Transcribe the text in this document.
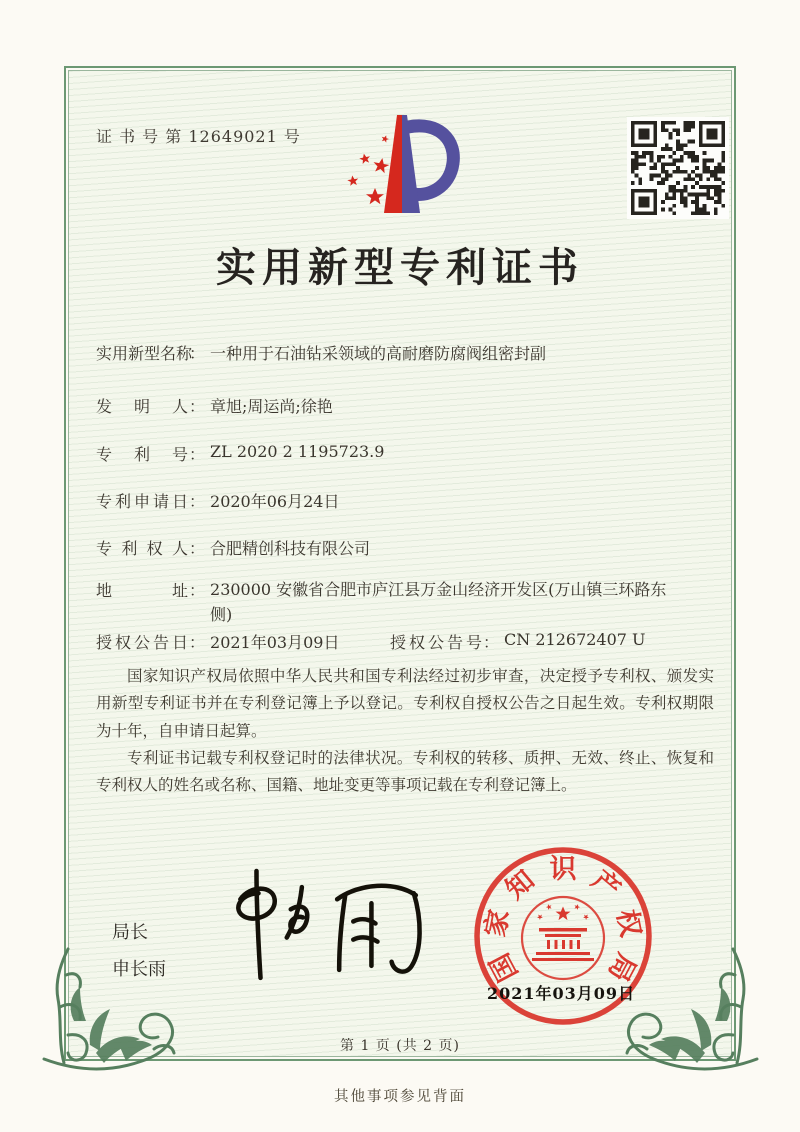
证 书 号 第 12649021 号
实用新型专利证书
实用新型名称
： 一种用于石油钻采领域的高耐磨防腐阀组密封副
发明人 ： 章旭;周运尚;徐艳
专利号 ： ZL 2020 2 1195723.9
专利申请日 ： 2020年06月24日
专利权人 ： 合肥精创科技有限公司
地址 ： 230000 安徽省合肥市庐江县万金山经济开发区(万山镇三环路东侧)
授权公告日 ： 2021年03月09日	授权公告号 ： CN 212672407 U

国家知识产权局依照中华人民共和国专利法经过初步审查，决定授予专利权、颁发实用新型专利证书并在专利登记簿上予以登记。专利权自授权公告之日起生效。专利权期限为十年，自申请日起算。

专利证书记载专利权登记时的法律状况。专利权的转移、质押、无效、终止、恢复和专利权人的姓名或名称、国籍、地址变更等事项记载在专利登记簿上。

局长
申长雨	国
家
知 识 产
权
局
2021年03月09日
第 1 页 (共 2 页)
其他事项参见背面
